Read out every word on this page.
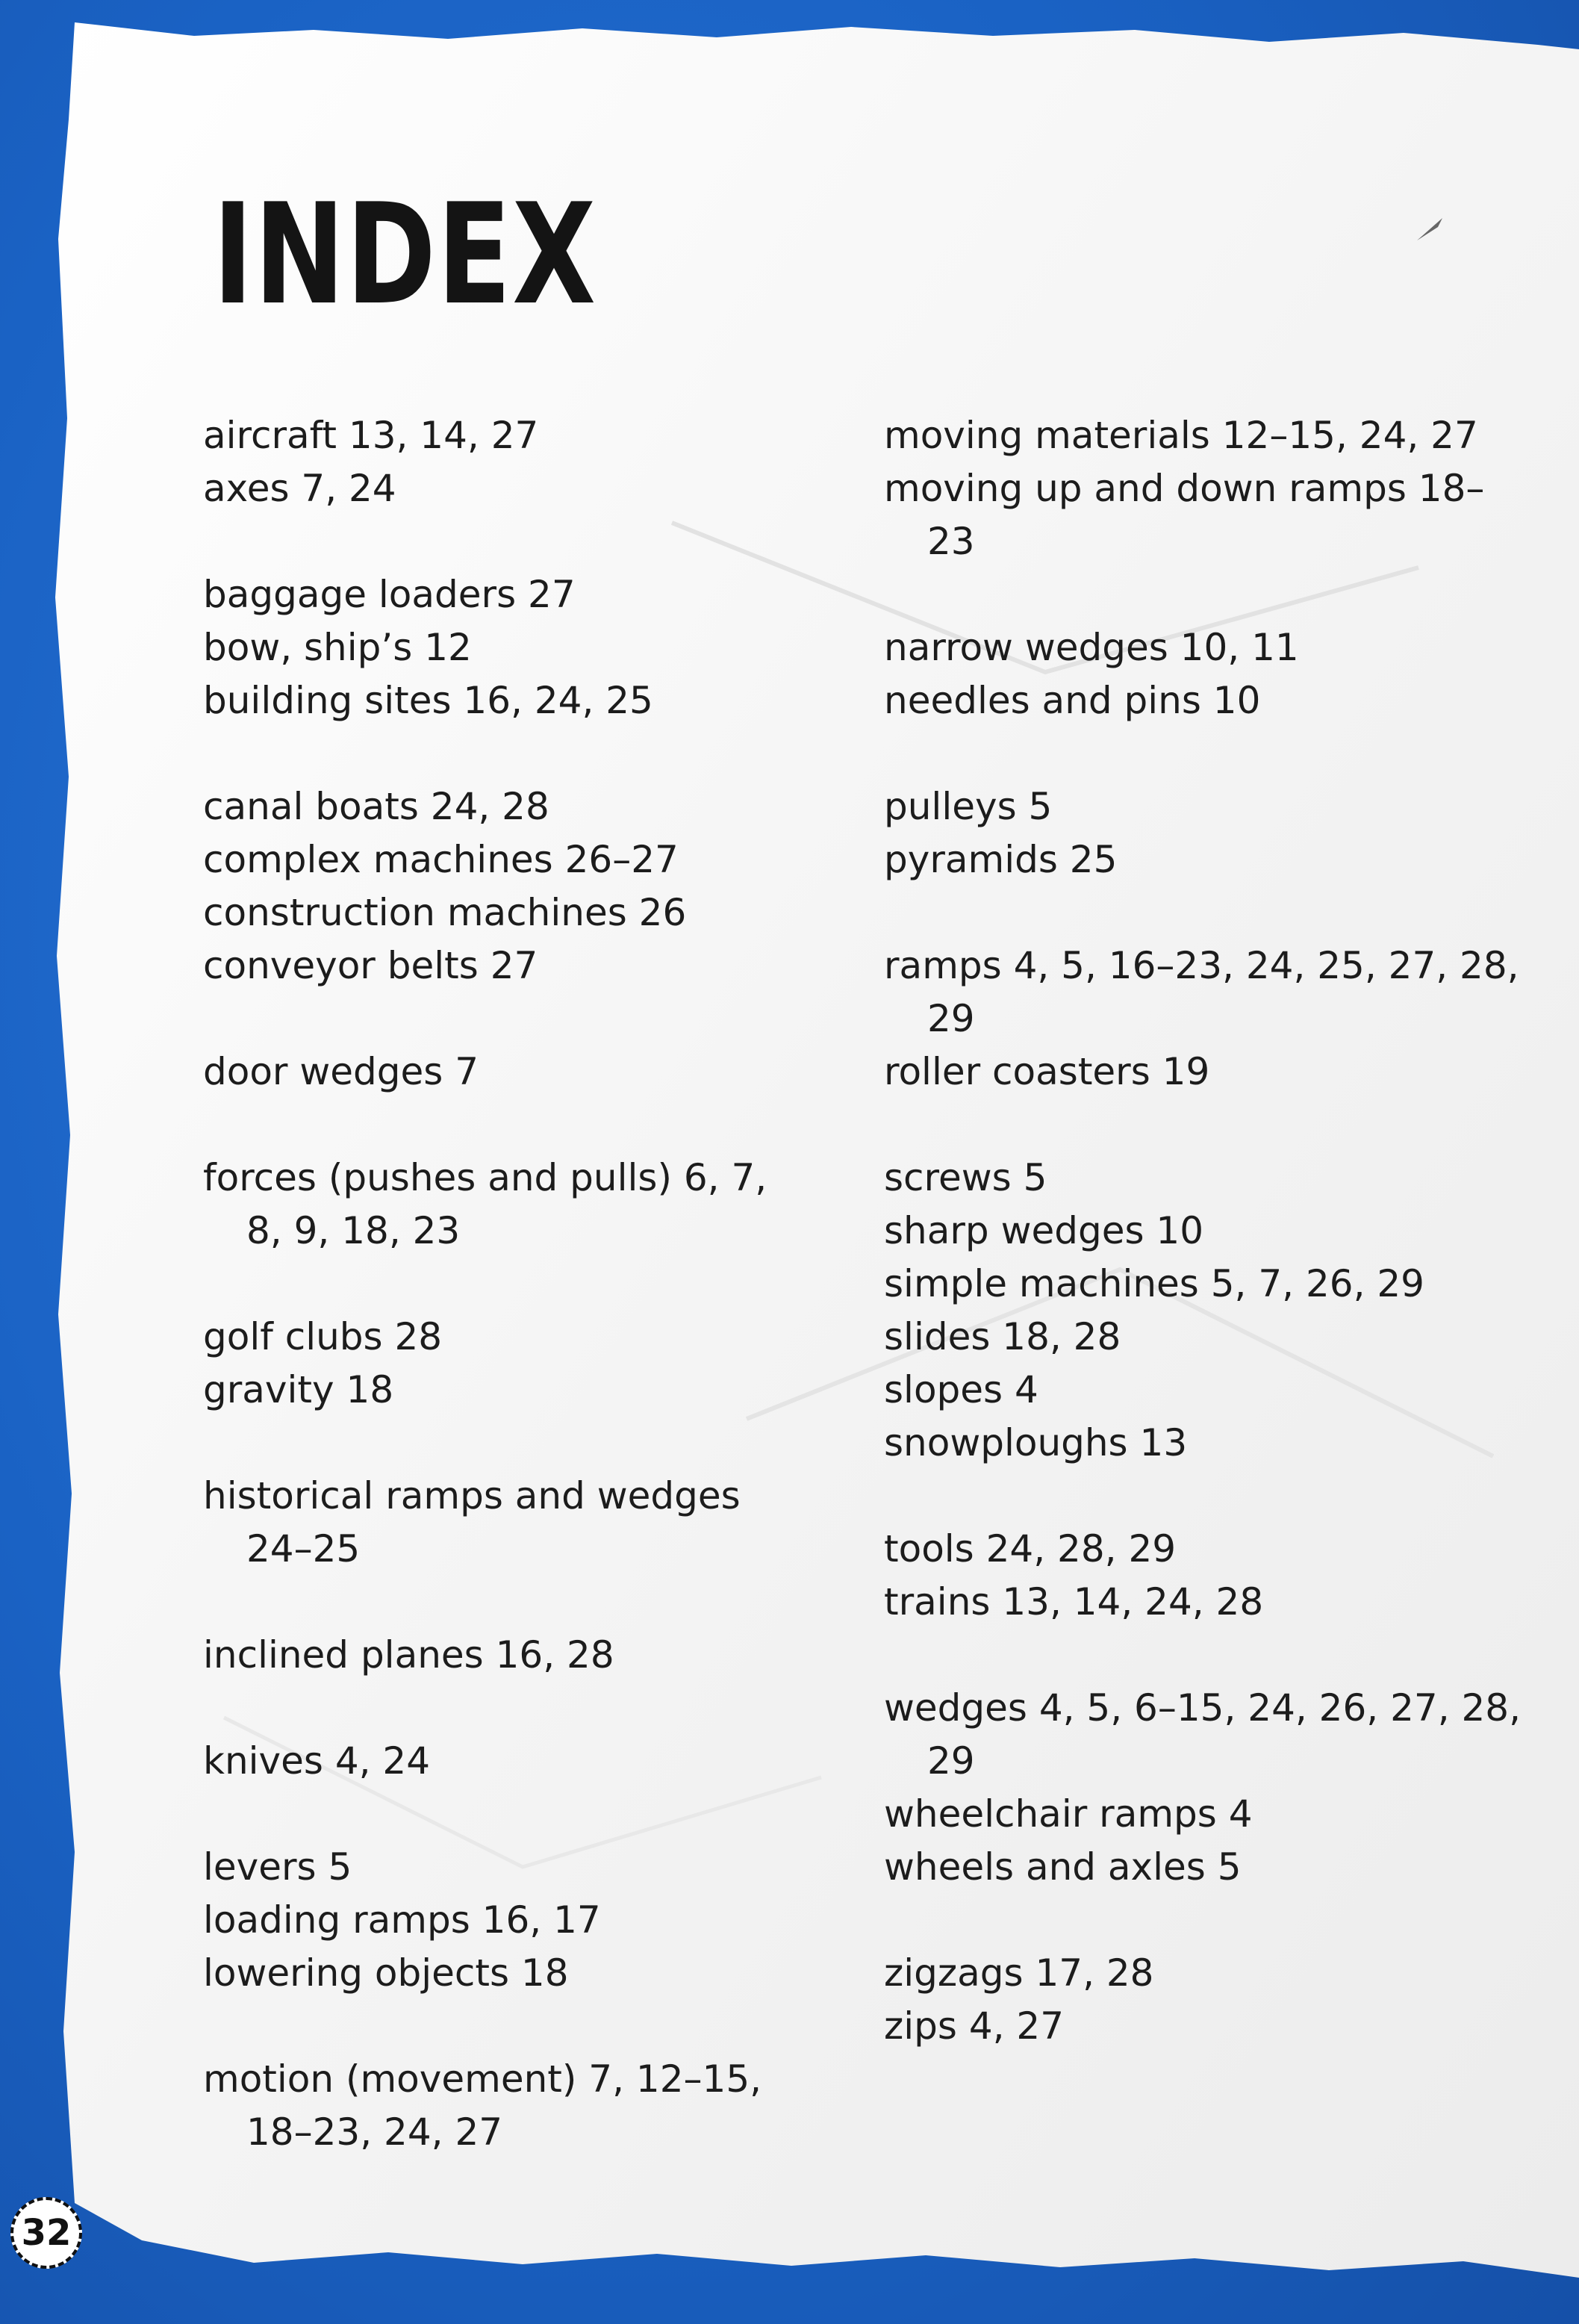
INDEX
aircraft 13, 14, 27
axes 7, 24
baggage loaders 27
bow, ship’s 12
building sites 16, 24, 25
canal boats 24, 28
complex machines 26–27
construction machines 26
conveyor belts 27
door wedges 7
forces (pushes and pulls) 6, 7, 8, 9, 18, 23
golf clubs 28
gravity 18
historical ramps and wedges 24–25
inclined planes 16, 28
knives 4, 24
levers 5
loading ramps 16, 17
lowering objects 18
motion (movement) 7, 12–15, 18–23, 24, 27
moving materials 12–15, 24, 27
moving up and down ramps 18–23
narrow wedges 10, 11
needles and pins 10
pulleys 5
pyramids 25
ramps 4, 5, 16–23, 24, 25, 27, 28, 29
roller coasters 19
screws 5
sharp wedges 10
simple machines 5, 7, 26, 29
slides 18, 28
slopes 4
snowploughs 13
tools 24, 28, 29
trains 13, 14, 24, 28
wedges 4, 5, 6–15, 24, 26, 27, 28, 29
wheelchair ramps 4
wheels and axles 5
zigzags 17, 28
zips 4, 27
32
